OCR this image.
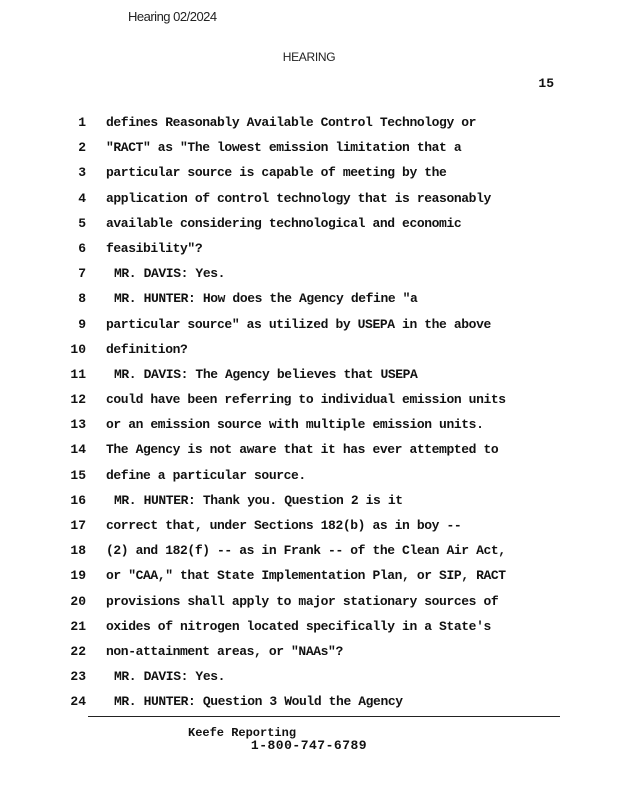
Hearing 02/2024
HEARING
15
1 defines Reasonably Available Control Technology or
2 "RACT" as "The lowest emission limitation that a
3 particular source is capable of meeting by the
4 application of control technology that is reasonably
5 available considering technological and economic
6 feasibility"?
7 MR. DAVIS: Yes.
8 MR. HUNTER: How does the Agency define "a
9 particular source" as utilized by USEPA in the above
10 definition?
11 MR. DAVIS: The Agency believes that USEPA
12 could have been referring to individual emission units
13 or an emission source with multiple emission units.
14 The Agency is not aware that it has ever attempted to
15 define a particular source.
16 MR. HUNTER: Thank you. Question 2 is it
17 correct that, under Sections 182(b) as in boy --
18 (2) and 182(f) -- as in Frank -- of the Clean Air Act,
19 or "CAA," that State Implementation Plan, or SIP, RACT
20 provisions shall apply to major stationary sources of
21 oxides of nitrogen located specifically in a State's
22 non-attainment areas, or "NAAs"?
23 MR. DAVIS: Yes.
24 MR. HUNTER: Question 3 Would the Agency
Keefe Reporting
1-800-747-6789
